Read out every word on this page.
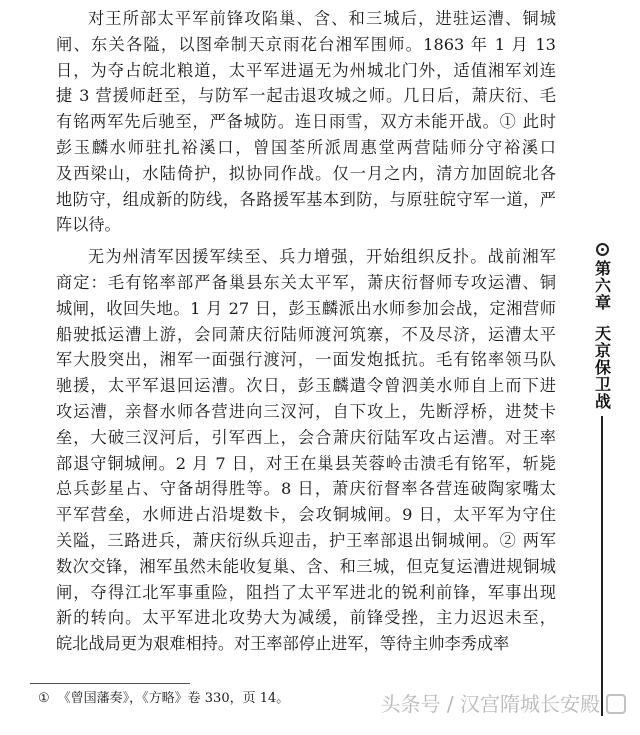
对王所部太平军前锋攻陷巢、含、和三城后，进驻运漕、铜城
闸、东关各隘，以图牵制天京雨花台湘军围师。1863 年 1 月 13
日，为夺占皖北粮道，太平军进逼无为州城北门外，适值湘军刘连
捷 3 营援师赶至，与防军一起击退攻城之师。几日后，萧庆衍、毛
有铭两军先后驰至，严备城防。连日雨雪，双方未能开战。① 此时
彭玉麟水师驻扎裕溪口，曾国荃所派周惠堂两营陆师分守裕溪口
及西梁山，水陆倚护，拟协同作战。仅一月之内，清方加固皖北各
地防守，组成新的防线，各路援军基本到防，与原驻皖守军一道，严
阵以待。
无为州清军因援军续至、兵力增强，开始组织反扑。战前湘军
商定：毛有铭率部严备巢县东关太平军，萧庆衍督师专攻运漕、铜
城闸，收回失地。1 月 27 日，彭玉麟派出水师参加会战，定湘营师
船驶抵运漕上游，会同萧庆衍陆师渡河筑寨，不及尽济，运漕太平
军大股突出，湘军一面强行渡河，一面发炮抵抗。毛有铭率领马队
驰援，太平军退回运漕。次日，彭玉麟遣令曾泗美水师自上而下进
攻运漕，亲督水师各营进向三汊河，自下攻上，先断浮桥，进焚卡
垒，大破三汊河后，引军西上，会合萧庆衍陆军攻占运漕。对王率
部退守铜城闸。2 月 7 日，对王在巢县芙蓉岭击溃毛有铭军，斩毙
总兵彭星占、守备胡得胜等。8 日，萧庆衍督率各营连破陶家嘴太
平军营垒，水师进占沿堤数卡，会攻铜城闸。9 日，太平军为守住
关隘，三路进兵，萧庆衍纵兵迎击，护王率部退出铜城闸。② 两军
数次交锋，湘军虽然未能收复巢、含、和三城，但克复运漕进规铜城
闸，夺得江北军事重险，阻挡了太平军进北的锐利前锋，军事出现
新的转向。太平军进北攻势大为减缓，前锋受挫，主力迟迟未至，
皖北战局更为艰难相持。对王率部停止进军，等待主帅李秀成率
第六章
天京保卫战
① 《曾国藩奏》，《方略》卷 330，页 14。	头条号 / 汉宫隋城长安殿
